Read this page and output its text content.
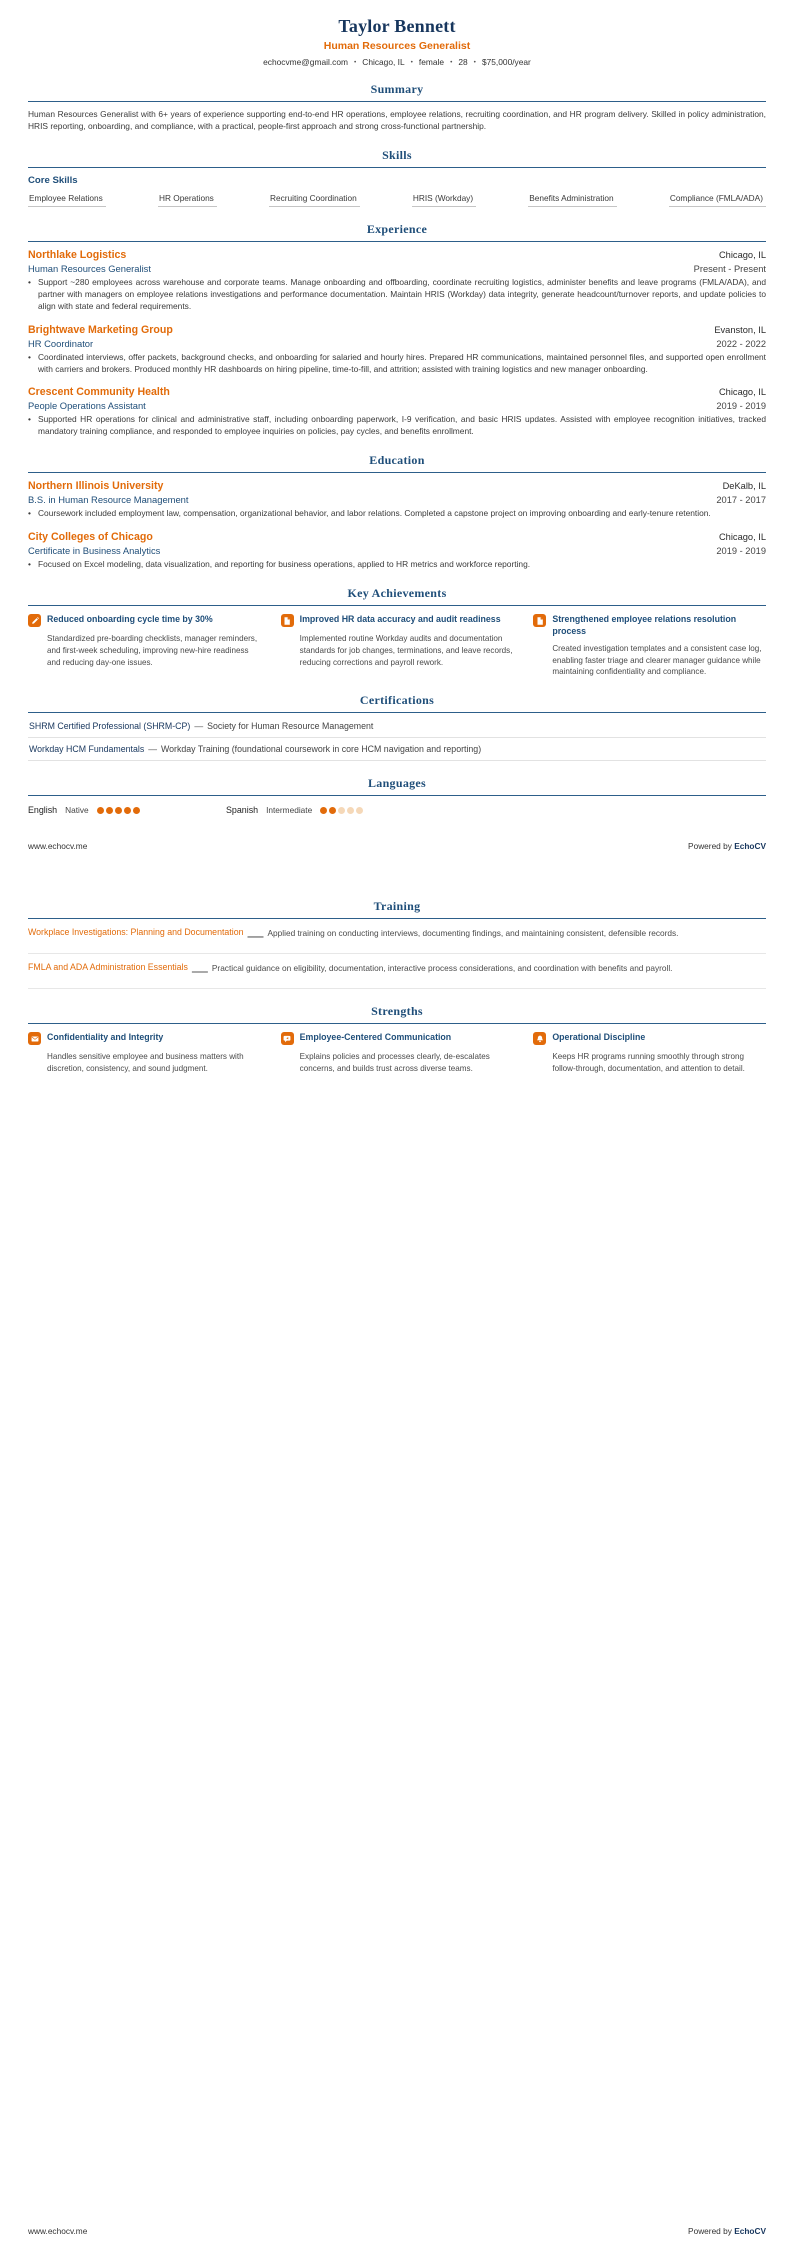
Taylor Bennett
Human Resources Generalist
echocvme@gmail.com • Chicago, IL • female • 28 • $75,000/year
Summary

Human Resources Generalist with 6+ years of experience supporting end-to-end HR operations, employee relations, recruiting coordination, and HR program delivery. Skilled in policy administration, HRIS reporting, onboarding, and compliance, with a practical, people-first approach and strong cross-functional partnership.

Skills
Core Skills
Employee Relations	HR Operations	Recruiting Coordination	HRIS (Workday)	Benefits Administration	Compliance (FMLA/ADA)
Experience
Northlake Logistics	Chicago, IL
Human Resources Generalist	Present - Present
• Support ~280 employees across warehouse and corporate teams. Manage onboarding and offboarding, coordinate recruiting logistics, administer benefits and leave programs (FMLA/ADA), and partner with managers on employee relations investigations and performance documentation. Maintain HRIS (Workday) data integrity, generate headcount/turnover reports, and update policies to align with state and federal requirements.
Brightwave Marketing Group	Evanston, IL
HR Coordinator	2022 - 2022
• Coordinated interviews, offer packets, background checks, and onboarding for salaried and hourly hires. Prepared HR communications, maintained personnel files, and supported open enrollment with carriers and brokers. Produced monthly HR dashboards on hiring pipeline, time-to-fill, and attrition; assisted with training logistics and new manager onboarding.
Crescent Community Health	Chicago, IL
People Operations Assistant	2019 - 2019
• Supported HR operations for clinical and administrative staff, including onboarding paperwork, I-9 verification, and basic HRIS updates. Assisted with employee recognition initiatives, tracked mandatory training compliance, and responded to employee inquiries on policies, pay cycles, and benefits enrollment.
Education
Northern Illinois University	DeKalb, IL
B.S. in Human Resource Management	2017 - 2017
• Coursework included employment law, compensation, organizational behavior, and labor relations. Completed a capstone project on improving onboarding and early-tenure retention.
City Colleges of Chicago	Chicago, IL
Certificate in Business Analytics	2019 - 2019
• Focused on Excel modeling, data visualization, and reporting for business operations, applied to HR metrics and workforce reporting.
Key Achievements
Reduced onboarding cycle time by 30%

Standardized pre-boarding checklists, manager reminders, and first-week scheduling, improving new-hire readiness and reducing day-one issues.

Improved HR data accuracy and audit readiness

Implemented routine Workday audits and documentation standards for job changes, terminations, and leave records, reducing corrections and payroll rework.

Strengthened employee relations resolution process

Created investigation templates and a consistent case log, enabling faster triage and clearer manager guidance while maintaining confidentiality and compliance.

Certifications
SHRM Certified Professional (SHRM-CP) — Society for Human Resource Management
Workday HCM Fundamentals — Workday Training (foundational coursework in core HCM navigation and reporting)
Languages
English Native	Spanish Intermediate
www.echocv.me	Powered by EchoCV
Training
Workplace Investigations: Planning and Documentation — Applied training on conducting interviews, documenting findings, and maintaining consistent, defensible records.
FMLA and ADA Administration Essentials — Practical guidance on eligibility, documentation, interactive process considerations, and coordination with benefits and payroll.
Strengths
Confidentiality and Integrity

Handles sensitive employee and business matters with discretion, consistency, and sound judgment.

Employee-Centered Communication

Explains policies and processes clearly, de-escalates concerns, and builds trust across diverse teams.

Operational Discipline

Keeps HR programs running smoothly through strong follow-through, documentation, and attention to detail.

www.echocv.me	Powered by EchoCV
